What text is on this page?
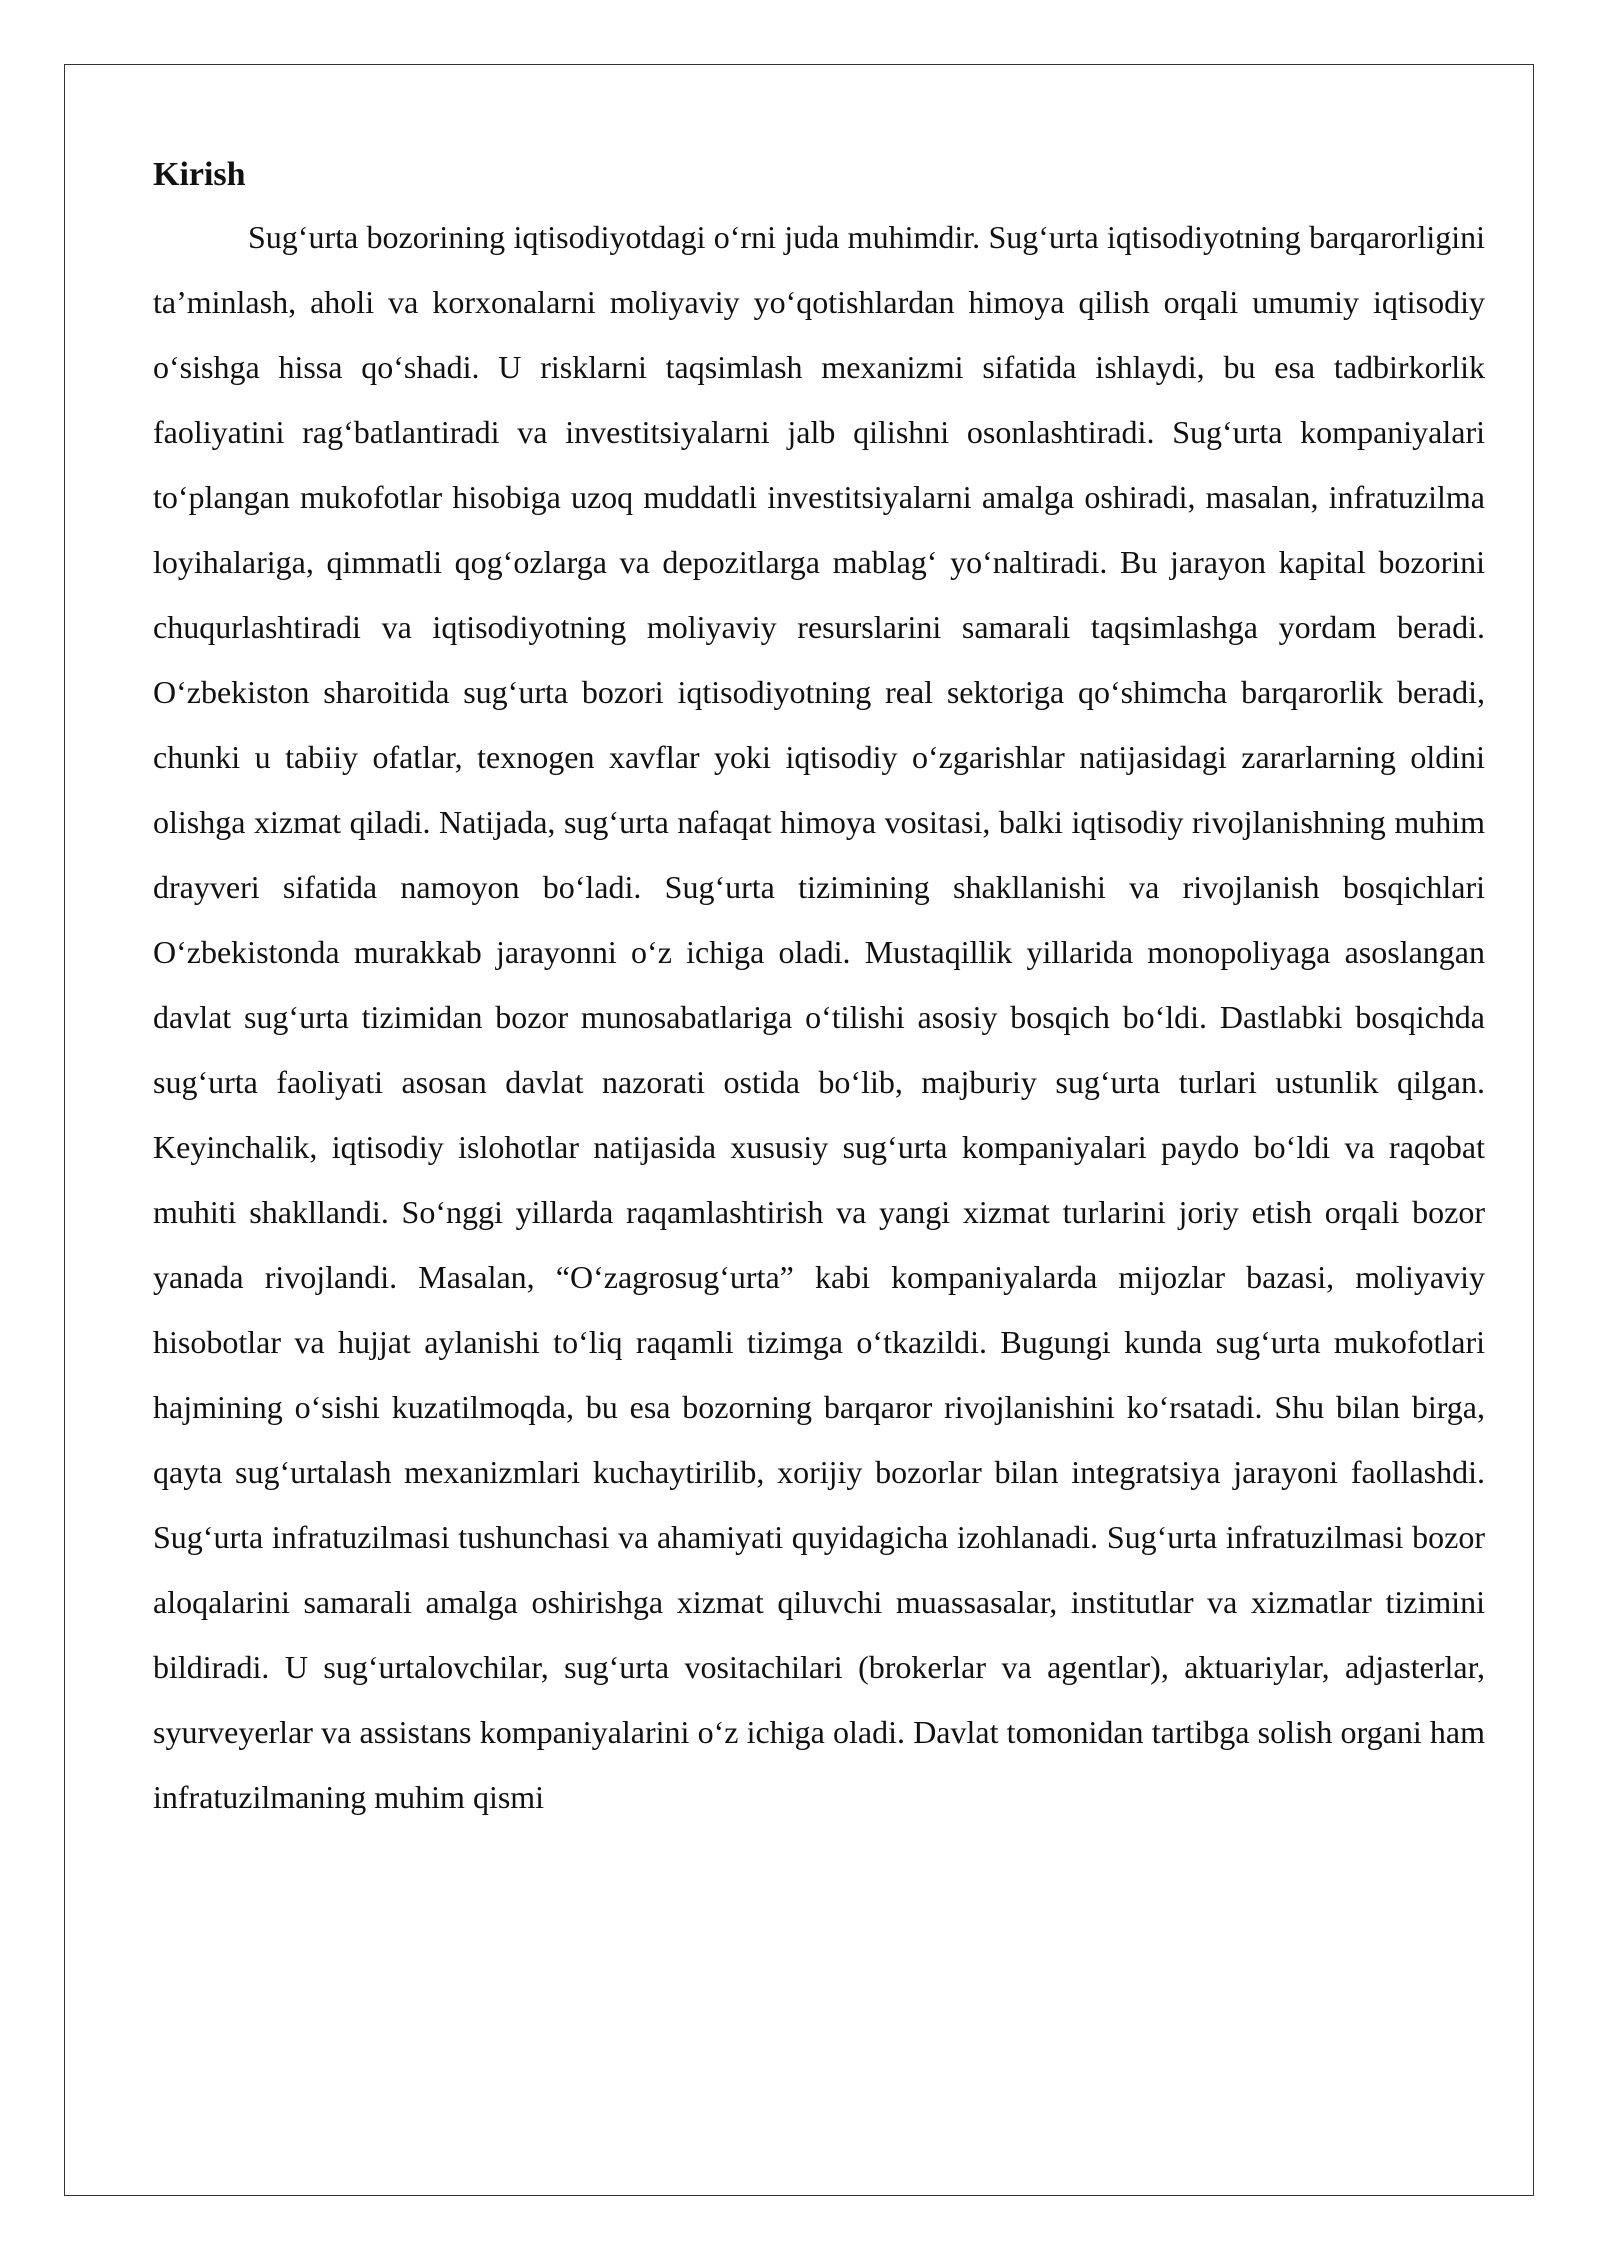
Kirish

Sug‘urta bozorining iqtisodiyotdagi o‘rni juda muhimdir. Sug‘urta iqtisodiyotning barqarorligini ta’minlash, aholi va korxonalarni moliyaviy yo‘qotishlardan himoya qilish orqali umumiy iqtisodiy o‘sishga hissa qo‘shadi. U risklarni taqsimlash mexanizmi sifatida ishlaydi, bu esa tadbirkorlik faoliyatini rag‘batlantiradi va investitsiyalarni jalb qilishni osonlashtiradi. Sug‘urta kompaniyalari to‘plangan mukofotlar hisobiga uzoq muddatli investitsiyalarni amalga oshiradi, masalan, infratuzilma loyihalariga, qimmatli qog‘ozlarga va depozitlarga mablag‘ yo‘naltiradi. Bu jarayon kapital bozorini chuqurlashtiradi va iqtisodiyotning moliyaviy resurslarini samarali taqsimlashga yordam beradi. O‘zbekiston sharoitida sug‘urta bozori iqtisodiyotning real sektoriga qo‘shimcha barqarorlik beradi, chunki u tabiiy ofatlar, texnogen xavflar yoki iqtisodiy o‘zgarishlar natijasidagi zararlarning oldini olishga xizmat qiladi. Natijada, sug‘urta nafaqat himoya vositasi, balki iqtisodiy rivojlanishning muhim drayveri sifatida namoyon bo‘ladi. Sug‘urta tizimining shakllanishi va rivojlanish bosqichlari O‘zbekistonda murakkab jarayonni o‘z ichiga oladi. Mustaqillik yillarida monopoliyaga asoslangan davlat sug‘urta tizimidan bozor munosabatlariga o‘tilishi asosiy bosqich bo‘ldi. Dastlabki bosqichda sug‘urta faoliyati asosan davlat nazorati ostida bo‘lib, majburiy sug‘urta turlari ustunlik qilgan. Keyinchalik, iqtisodiy islohotlar natijasida xususiy sug‘urta kompaniyalari paydo bo‘ldi va raqobat muhiti shakllandi. So‘nggi yillarda raqamlashtirish va yangi xizmat turlarini joriy etish orqali bozor yanada rivojlandi. Masalan, “O‘zagrosug‘urta” kabi kompaniyalarda mijozlar bazasi, moliyaviy hisobotlar va hujjat aylanishi to‘liq raqamli tizimga o‘tkazildi. Bugungi kunda sug‘urta mukofotlari hajmining o‘sishi kuzatilmoqda, bu esa bozorning barqaror rivojlanishini ko‘rsatadi. Shu bilan birga, qayta sug‘urtalash mexanizmlari kuchaytirilib, xorijiy bozorlar bilan integratsiya jarayoni faollashdi. Sug‘urta infratuzilmasi tushunchasi va ahamiyati quyidagicha izohlanadi. Sug‘urta infratuzilmasi bozor aloqalarini samarali amalga oshirishga xizmat qiluvchi muassasalar, institutlar va xizmatlar tizimini bildiradi. U sug‘urtalovchilar, sug‘urta vositachilari (brokerlar va agentlar), aktuariylar, adjasterlar, syurveyerlar va assistans kompaniyalarini o‘z ichiga oladi. Davlat tomonidan tartibga solish organi ham infratuzilmaning muhim qismi
